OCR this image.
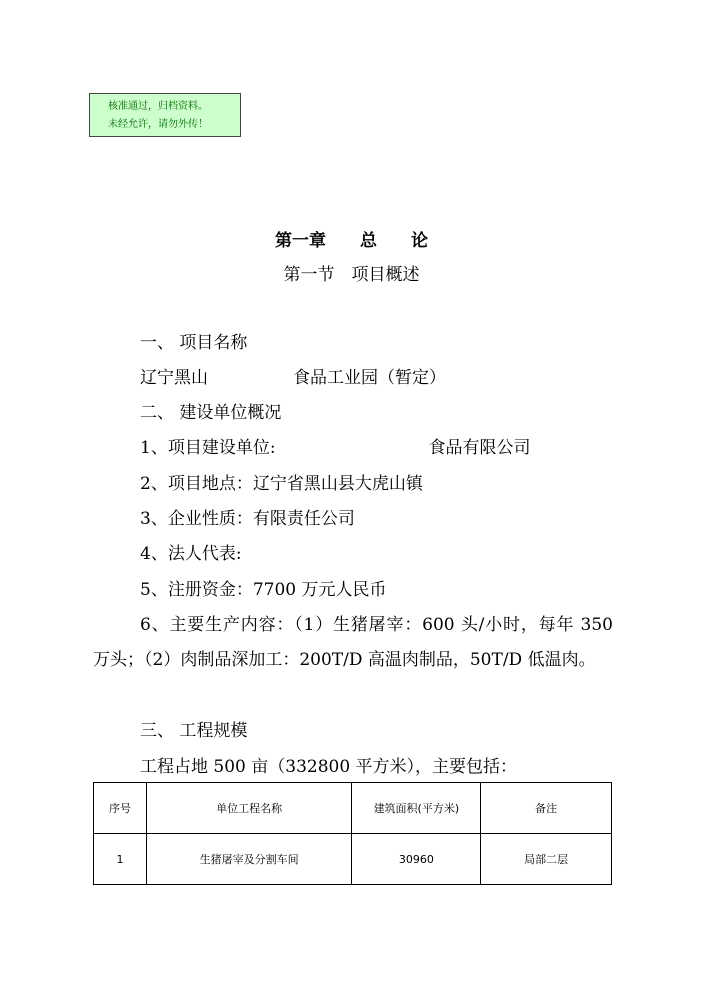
核准通过，归档资料。
未经允许，请勿外传！
第一章　　总　　论
第一节　项目概述
一、 项目名称
辽宁黑山　　　　　食品工业园（暂定）
二、 建设单位概况
1、项目建设单位:　　　　　　　　　食品有限公司
2、项目地点：辽宁省黑山县大虎山镇
3、企业性质：有限责任公司
4、法人代表:
5、注册资金：7700 万元人民币
6、主要生产内容：（1）生猪屠宰：600 头/小时，每年 350 万头；（2）肉制品深加工：200T/D 高温肉制品，50T/D 低温肉。
三、 工程规模
工程占地 500 亩（332800 平方米），主要包括：
序号	单位工程名称	建筑面积(平方米)	备注
1	生猪屠宰及分割车间	30960	局部二层
